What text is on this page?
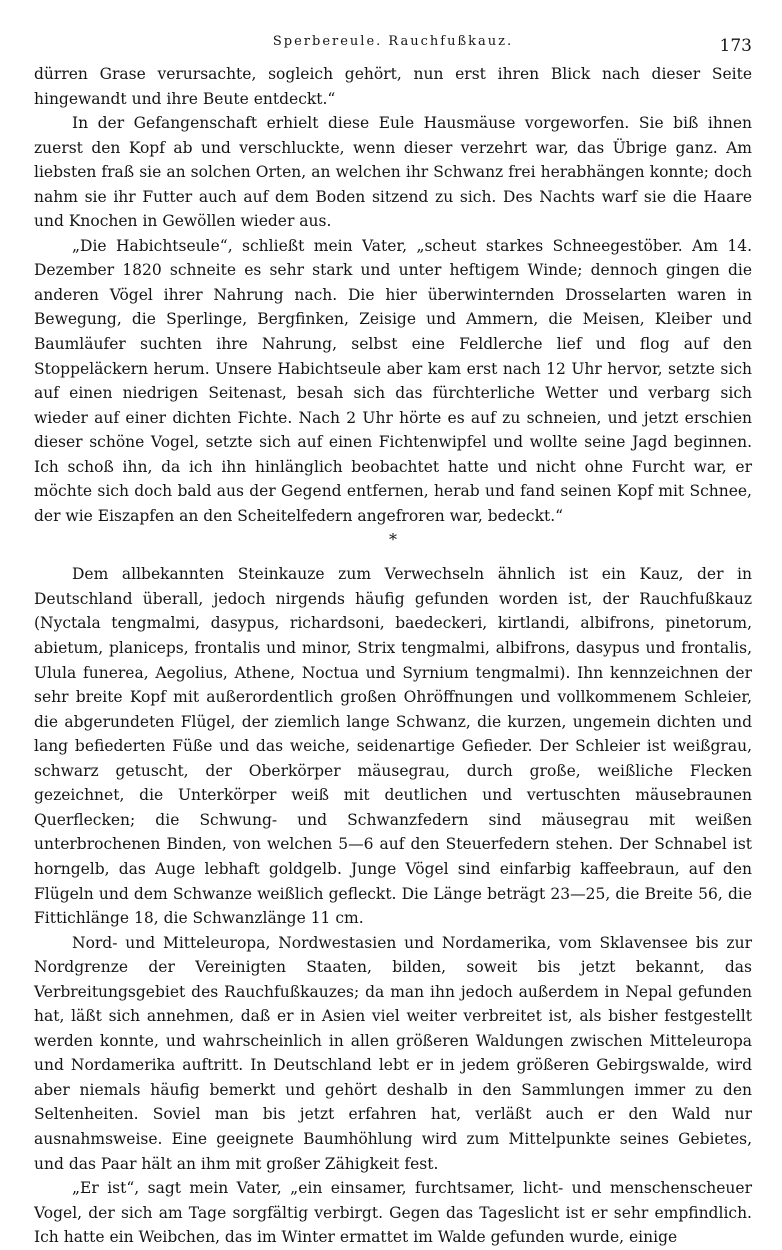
Sperbereule. Rauchfußkauz.	173

dürren Grase verursachte, sogleich gehört, nun erst ihren Blick nach dieser Seite hingewandt und ihre Beute entdeckt.“

In der Gefangenschaft erhielt diese Eule Hausmäuse vorgeworfen. Sie biß ihnen zuerst den Kopf ab und verschluckte, wenn dieser verzehrt war, das Übrige ganz. Am liebsten fraß sie an solchen Orten, an welchen ihr Schwanz frei herabhängen konnte; doch nahm sie ihr Futter auch auf dem Boden sitzend zu sich. Des Nachts warf sie die Haare und Knochen in Gewöllen wieder aus.

„Die Habichtseule“, schließt mein Vater, „scheut starkes Schneegestöber. Am 14. Dezember 1820 schneite es sehr stark und unter heftigem Winde; dennoch gingen die anderen Vögel ihrer Nahrung nach. Die hier überwinternden Drosselarten waren in Bewegung, die Sperlinge, Bergfinken, Zeisige und Ammern, die Meisen, Kleiber und Baumläufer suchten ihre Nahrung, selbst eine Feldlerche lief und flog auf den Stoppeläckern herum. Unsere Habichtseule aber kam erst nach 12 Uhr hervor, setzte sich auf einen niedrigen Seitenast, besah sich das fürchterliche Wetter und verbarg sich wieder auf einer dichten Fichte. Nach 2 Uhr hörte es auf zu schneien, und jetzt erschien dieser schöne Vogel, setzte sich auf einen Fichtenwipfel und wollte seine Jagd beginnen. Ich schoß ihn, da ich ihn hinlänglich beobachtet hatte und nicht ohne Furcht war, er möchte sich doch bald aus der Gegend entfernen, herab und fand seinen Kopf mit Schnee, der wie Eiszapfen an den Scheitelfedern angefroren war, bedeckt.“

*

Dem allbekannten Steinkauze zum Verwechseln ähnlich ist ein Kauz, der in Deutschland überall, jedoch nirgends häufig gefunden worden ist, der Rauchfußkauz (Nyctala tengmalmi, dasypus, richardsoni, baedeckeri, kirtlandi, albifrons, pinetorum, abietum, planiceps, frontalis und minor, Strix tengmalmi, albifrons, dasypus und frontalis, Ulula funerea, Aegolius, Athene, Noctua und Syrnium tengmalmi). Ihn kennzeichnen der sehr breite Kopf mit außerordentlich großen Ohröffnungen und vollkommenem Schleier, die abgerundeten Flügel, der ziemlich lange Schwanz, die kurzen, ungemein dichten und lang befiederten Füße und das weiche, seidenartige Gefieder. Der Schleier ist weißgrau, schwarz getuscht, der Oberkörper mäusegrau, durch große, weißliche Flecken gezeichnet, die Unterkörper weiß mit deutlichen und vertuschten mäusebraunen Querflecken; die Schwung- und Schwanzfedern sind mäusegrau mit weißen unterbrochenen Binden, von welchen 5—6 auf den Steuerfedern stehen. Der Schnabel ist horngelb, das Auge lebhaft goldgelb. Junge Vögel sind einfarbig kaffeebraun, auf den Flügeln und dem Schwanze weißlich gefleckt. Die Länge beträgt 23—25, die Breite 56, die Fittichlänge 18, die Schwanzlänge 11 cm.

Nord- und Mitteleuropa, Nordwestasien und Nordamerika, vom Sklavensee bis zur Nordgrenze der Vereinigten Staaten, bilden, soweit bis jetzt bekannt, das Verbreitungsgebiet des Rauchfußkauzes; da man ihn jedoch außerdem in Nepal gefunden hat, läßt sich annehmen, daß er in Asien viel weiter verbreitet ist, als bisher festgestellt werden konnte, und wahrscheinlich in allen größeren Waldungen zwischen Mitteleuropa und Nordamerika auftritt. In Deutschland lebt er in jedem größeren Gebirgswalde, wird aber niemals häufig bemerkt und gehört deshalb in den Sammlungen immer zu den Seltenheiten. Soviel man bis jetzt erfahren hat, verläßt auch er den Wald nur ausnahmsweise. Eine geeignete Baumhöhlung wird zum Mittelpunkte seines Gebietes, und das Paar hält an ihm mit großer Zähigkeit fest.

„Er ist“, sagt mein Vater, „ein einsamer, furchtsamer, licht- und menschenscheuer Vogel, der sich am Tage sorgfältig verbirgt. Gegen das Tageslicht ist er sehr empfindlich. Ich hatte ein Weibchen, das im Winter ermattet im Walde gefunden wurde, einige
